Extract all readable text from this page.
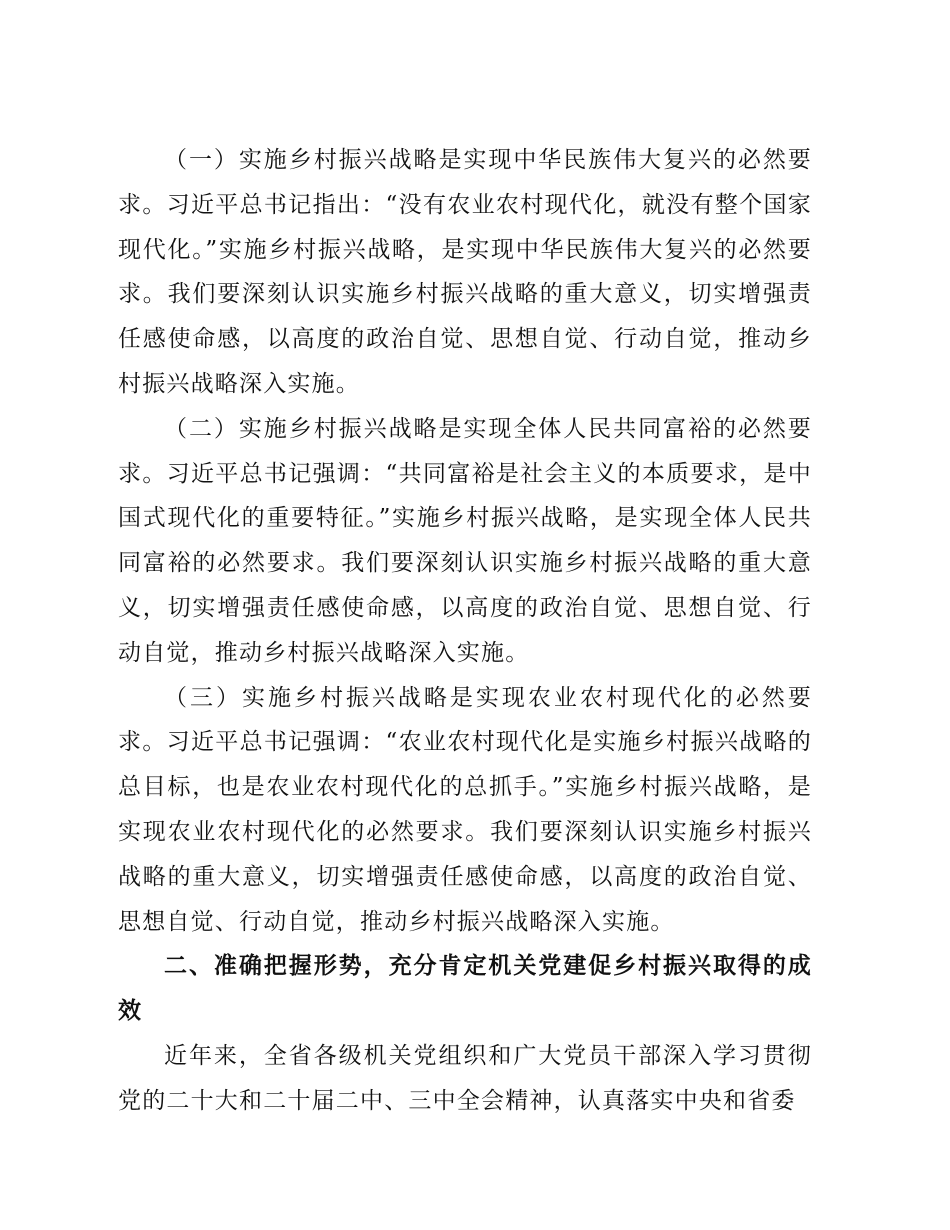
（一）实施乡村振兴战略是实现中华民族伟大复兴的必然要求。习近平总书记指出：“没有农业农村现代化，就没有整个国家现代化。”实施乡村振兴战略，是实现中华民族伟大复兴的必然要求。我们要深刻认识实施乡村振兴战略的重大意义，切实增强责任感使命感，以高度的政治自觉、思想自觉、行动自觉，推动乡村振兴战略深入实施。

（二）实施乡村振兴战略是实现全体人民共同富裕的必然要求。习近平总书记强调：“共同富裕是社会主义的本质要求，是中国式现代化的重要特征。”实施乡村振兴战略，是实现全体人民共同富裕的必然要求。我们要深刻认识实施乡村振兴战略的重大意义，切实增强责任感使命感，以高度的政治自觉、思想自觉、行动自觉，推动乡村振兴战略深入实施。

（三）实施乡村振兴战略是实现农业农村现代化的必然要求。习近平总书记强调：“农业农村现代化是实施乡村振兴战略的总目标，也是农业农村现代化的总抓手。”实施乡村振兴战略，是实现农业农村现代化的必然要求。我们要深刻认识实施乡村振兴战略的重大意义，切实增强责任感使命感，以高度的政治自觉、思想自觉、行动自觉，推动乡村振兴战略深入实施。

二、准确把握形势，充分肯定机关党建促乡村振兴取得的成效

近年来，全省各级机关党组织和广大党员干部深入学习贯彻党的二十大和二十届二中、三中全会精神，认真落实中央和省委
